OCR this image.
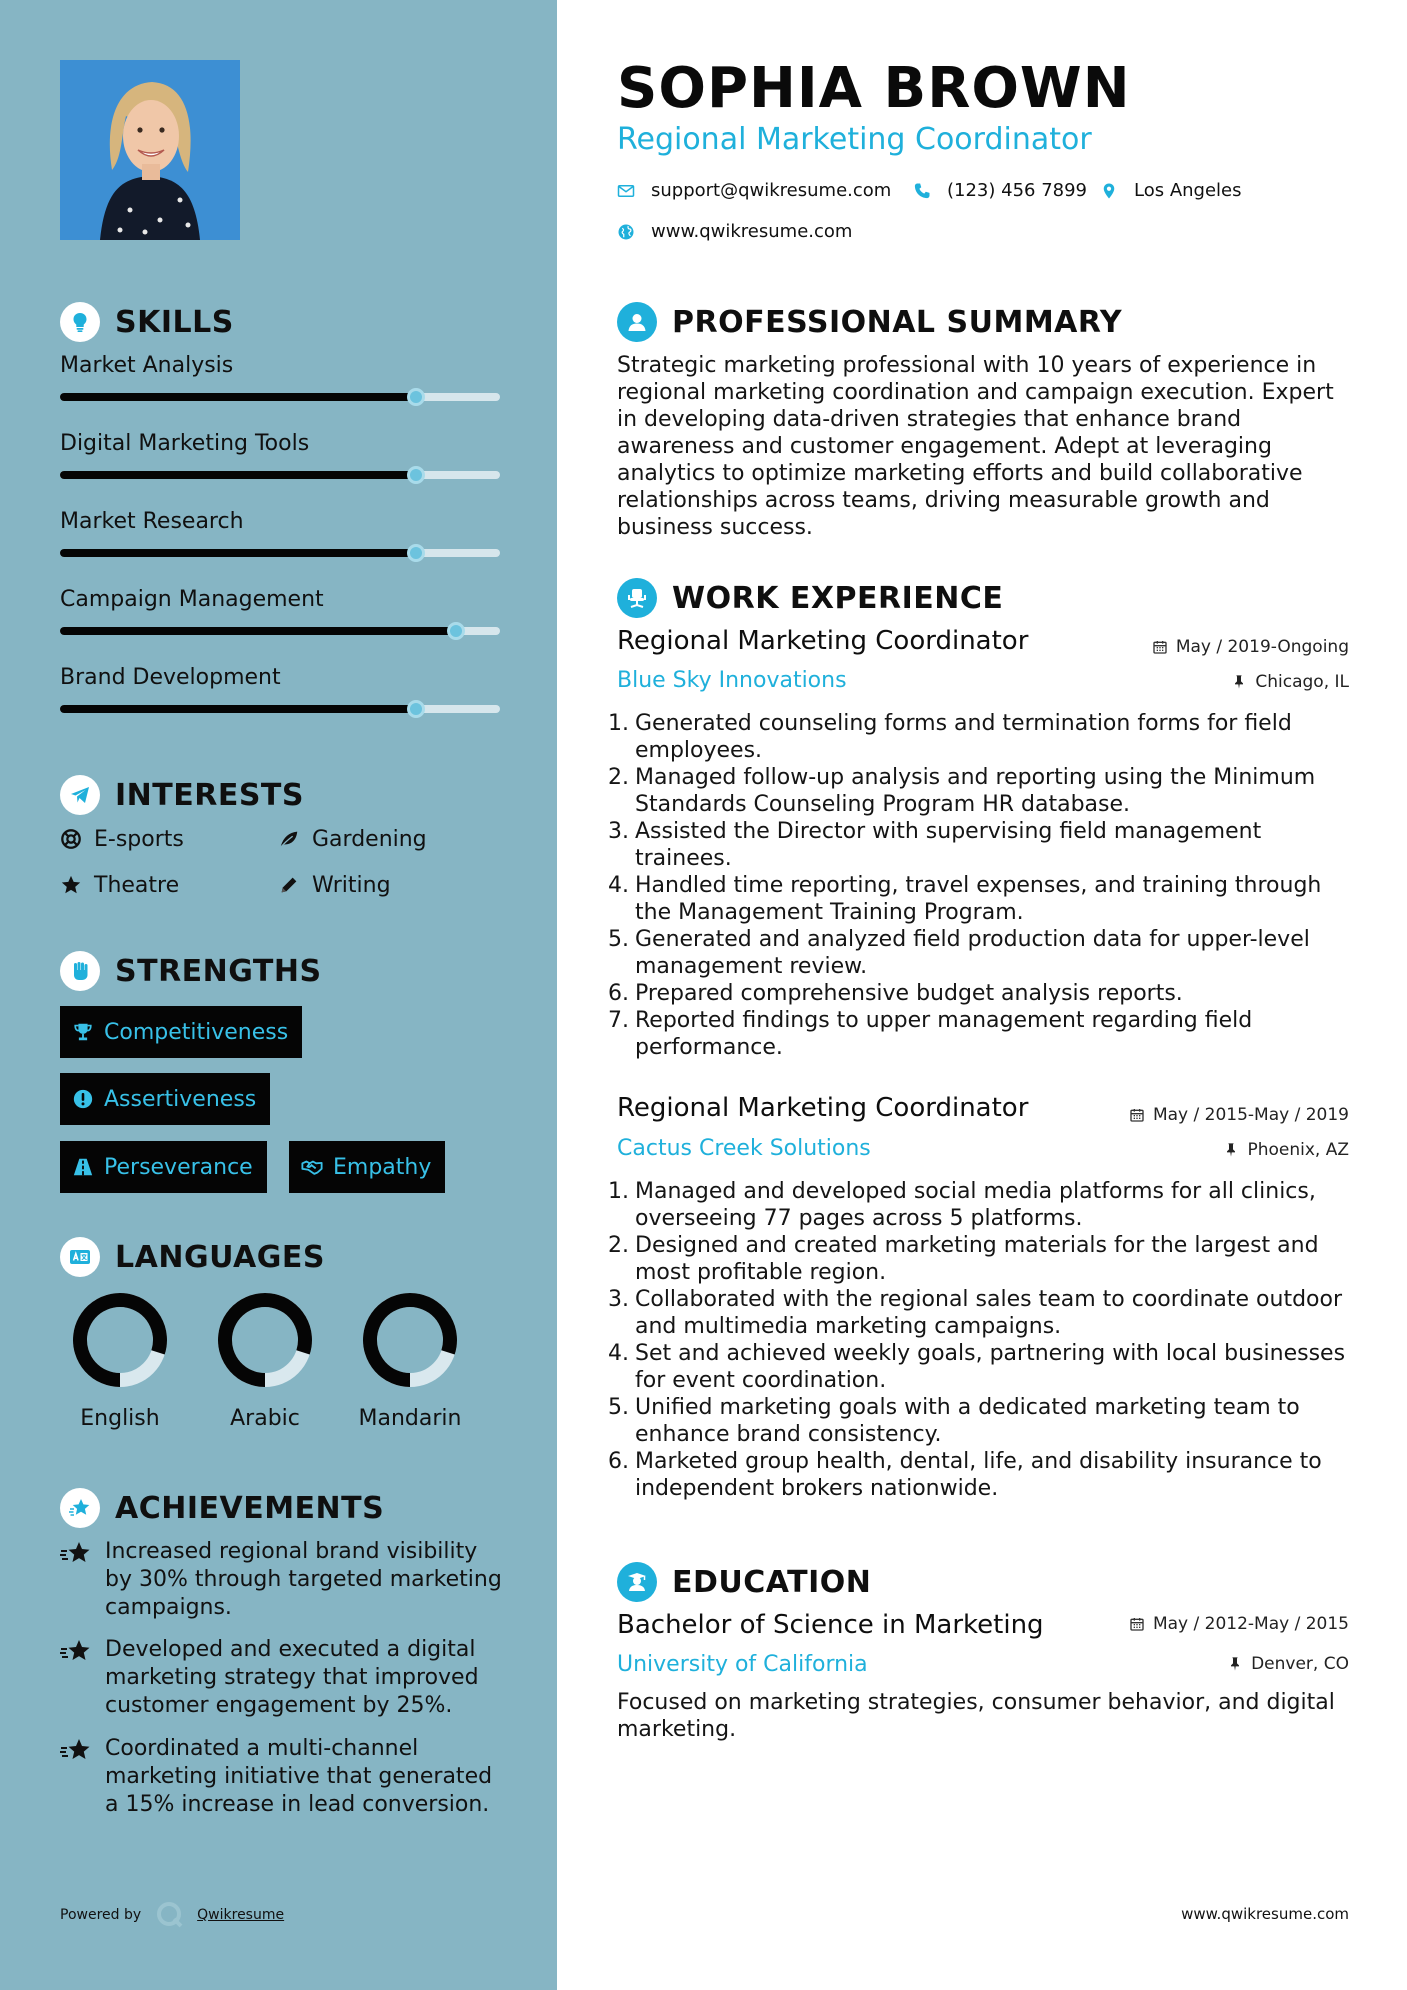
SKILLS
Market Analysis
Digital Marketing Tools
Market Research
Campaign Management
Brand Development
INTERESTS
E-sports	Gardening
Theatre	Writing
STRENGTHS
Competitiveness
Assertiveness
Perseverance	Empathy
LANGUAGES
English	Arabic	Mandarin
ACHIEVEMENTS
Increased regional brand visibility by 30% through targeted marketing campaigns.
Developed and executed a digital marketing strategy that improved customer engagement by 25%.
Coordinated a multi-channel marketing initiative that generated a 15% increase in lead conversion.
Powered by	Qwikresume
SOPHIA BROWN
Regional Marketing Coordinator
support@qwikresume.com	(123) 456 7899	Los Angeles
www.qwikresume.com
PROFESSIONAL SUMMARY

Strategic marketing professional with 10 years of experience in regional marketing coordination and campaign execution. Expert in developing data-driven strategies that enhance brand awareness and customer engagement. Adept at leveraging analytics to optimize marketing efforts and build collaborative relationships across teams, driving measurable growth and business success.

WORK EXPERIENCE
Regional Marketing Coordinator	May / 2019-Ongoing
Blue Sky Innovations	Chicago, IL
1. Generated counseling forms and termination forms for field employees.
2. Managed follow-up analysis and reporting using the Minimum Standards Counseling Program HR database.
3. Assisted the Director with supervising field management trainees.
4. Handled time reporting, travel expenses, and training through the Management Training Program.
5. Generated and analyzed field production data for upper-level management review.
6. Prepared comprehensive budget analysis reports.
7. Reported findings to upper management regarding field performance.
Regional Marketing Coordinator	May / 2015-May / 2019
Cactus Creek Solutions	Phoenix, AZ
1. Managed and developed social media platforms for all clinics, overseeing 77 pages across 5 platforms.
2. Designed and created marketing materials for the largest and most profitable region.
3. Collaborated with the regional sales team to coordinate outdoor and multimedia marketing campaigns.
4. Set and achieved weekly goals, partnering with local businesses for event coordination.
5. Unified marketing goals with a dedicated marketing team to enhance brand consistency.
6. Marketed group health, dental, life, and disability insurance to independent brokers nationwide.
EDUCATION
Bachelor of Science in Marketing	May / 2012-May / 2015
University of California	Denver, CO

Focused on marketing strategies, consumer behavior, and digital marketing.

www.qwikresume.com
